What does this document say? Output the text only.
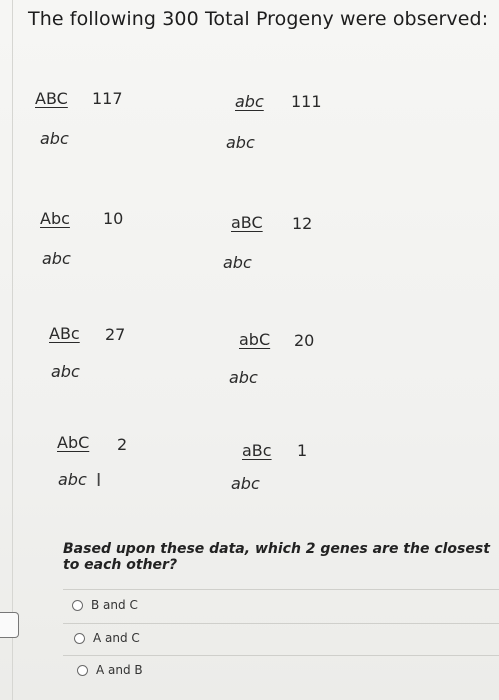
The following 300 Total Progeny were observed:
ABC 117
abc
abc 111
abc
Abc 10
abc
aBC 12
abc
ABc 27
abc
abC 20
abc
AbC 2
abc I
aBc 1
abc
Based upon these data, which 2 genes are the closest to each other?
B and C
A and C
A and B
